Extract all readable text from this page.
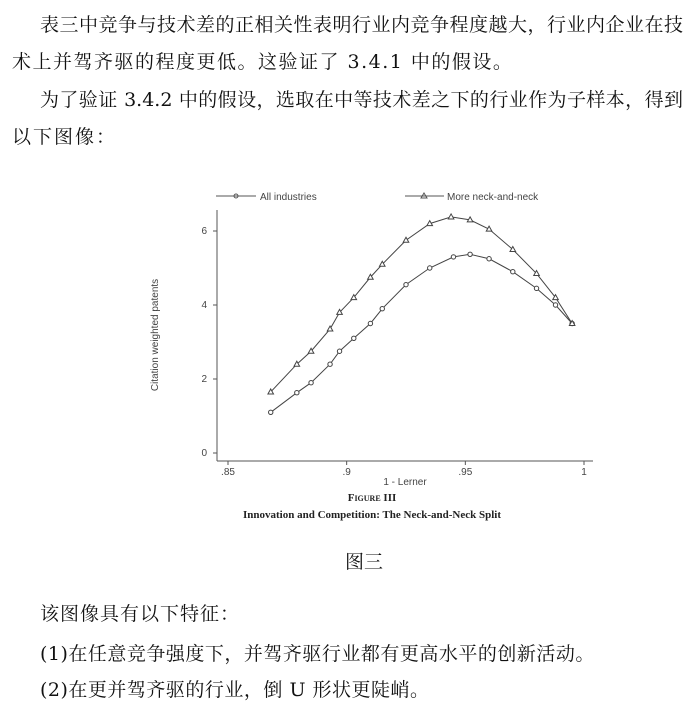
表三中竞争与技术差的正相关性表明行业内竞争程度越大，行业内企业在技
术上并驾齐驱的程度更低。这验证了 3.4.1 中的假设。
为了验证 3.4.2 中的假设，选取在中等技术差之下的行业作为子样本，得到
以下图像：
All industries	More neck-and-neck
.85	.9	.95	1
0
2
4
6
Citation weighted patents
1 - Lerner
Figure III
Innovation and Competition: The Neck-and-Neck Split
图三
该图像具有以下特征：
(1)在任意竞争强度下，并驾齐驱行业都有更高水平的创新活动。
(2)在更并驾齐驱的行业，倒 U 形状更陡峭。
